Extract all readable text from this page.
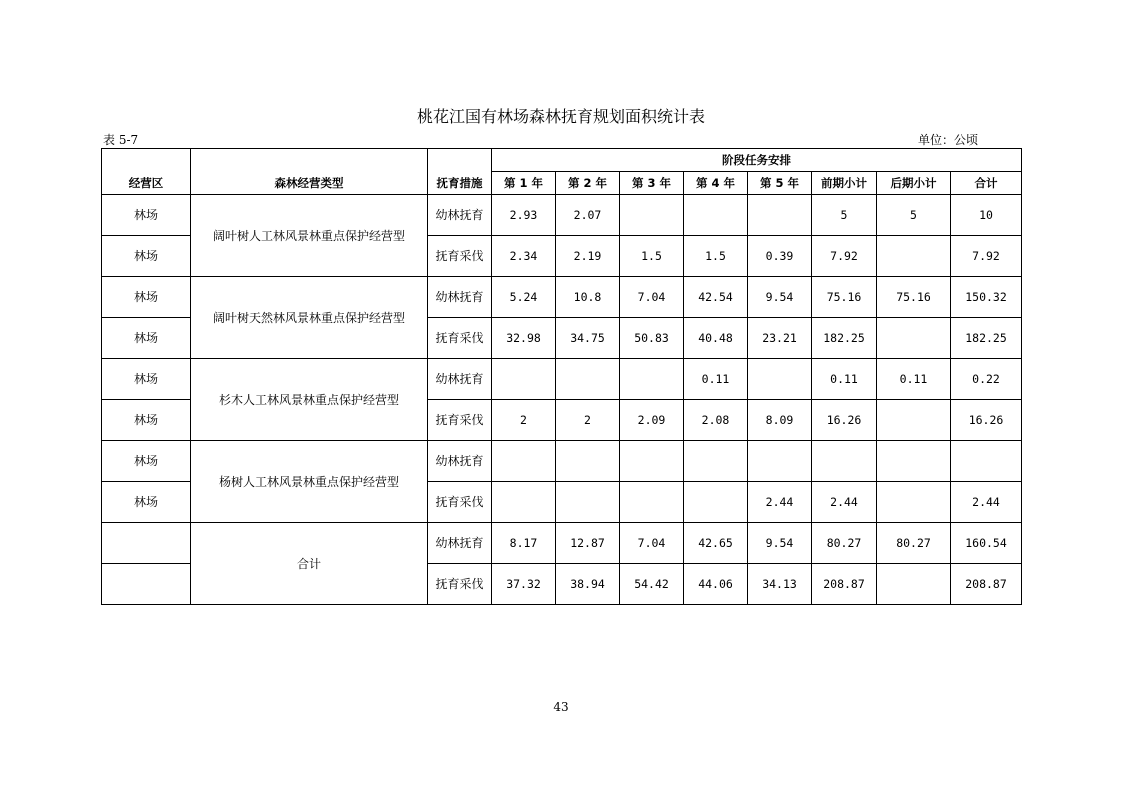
桃花江国有林场森林抚育规划面积统计表
表 5-7	单位：公顷
经营区	森林经营类型	抚育措施	阶段任务安排							
			第 1 年	第 2 年	第 3 年	第 4 年	第 5 年	前期小计	后期小计	合计
林场	阔叶树人工林风景林重点保护经营型	幼林抚育	2.93	2.07				5	5	10
林场		抚育采伐	2.34	2.19	1.5	1.5	0.39	7.92		7.92
林场	阔叶树天然林风景林重点保护经营型	幼林抚育	5.24	10.8	7.04	42.54	9.54	75.16	75.16	150.32
林场		抚育采伐	32.98	34.75	50.83	40.48	23.21	182.25		182.25
林场	杉木人工林风景林重点保护经营型	幼林抚育				0.11		0.11	0.11	0.22
林场		抚育采伐	2	2	2.09	2.08	8.09	16.26		16.26
林场	杨树人工林风景林重点保护经营型	幼林抚育								
林场		抚育采伐					2.44	2.44		2.44
	合计	幼林抚育	8.17	12.87	7.04	42.65	9.54	80.27	80.27	160.54
		抚育采伐	37.32	38.94	54.42	44.06	34.13	208.87		208.87
43
